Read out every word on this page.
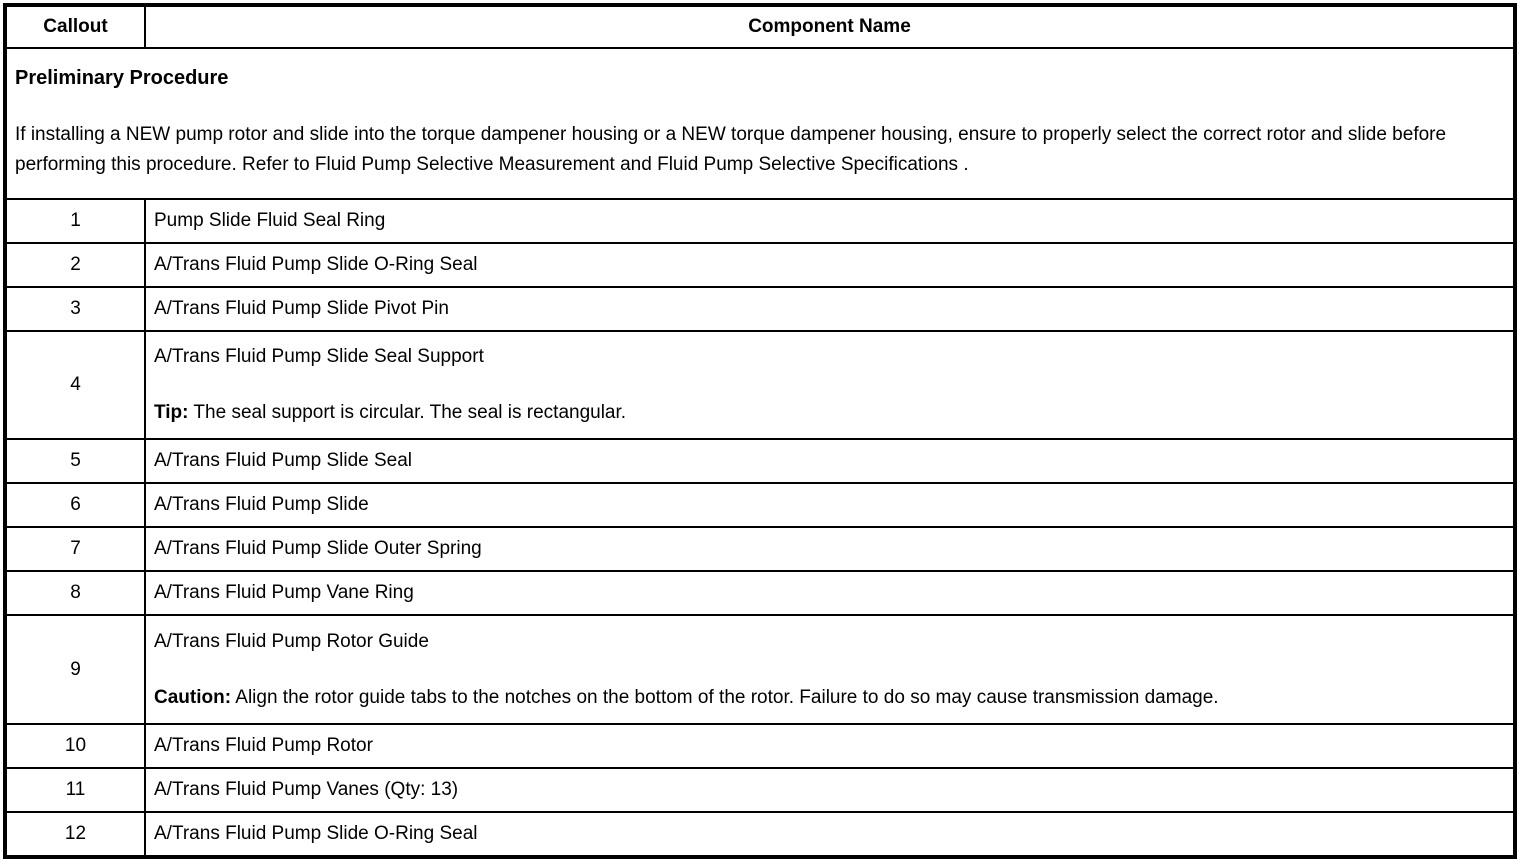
Callout	Component Name

Preliminary Procedure
If installing a NEW pump rotor and slide into the torque dampener housing or a NEW torque dampener housing, ensure to properly select the correct rotor and slide before performing this procedure. Refer to Fluid Pump Selective Measurement and Fluid Pump Selective Specifications .	

1	Pump Slide Fluid Seal Ring

2	A/Trans Fluid Pump Slide O-Ring Seal

3	A/Trans Fluid Pump Slide Pivot Pin

4	A/Trans Fluid Pump Slide Seal Support
Tip: The seal support is circular. The seal is rectangular.

5	A/Trans Fluid Pump Slide Seal

6	A/Trans Fluid Pump Slide

7	A/Trans Fluid Pump Slide Outer Spring

8	A/Trans Fluid Pump Vane Ring

9	A/Trans Fluid Pump Rotor Guide
Caution: Align the rotor guide tabs to the notches on the bottom of the rotor. Failure to do so may cause transmission damage.

10	A/Trans Fluid Pump Rotor

11	A/Trans Fluid Pump Vanes (Qty: 13)

12	A/Trans Fluid Pump Slide O-Ring Seal
